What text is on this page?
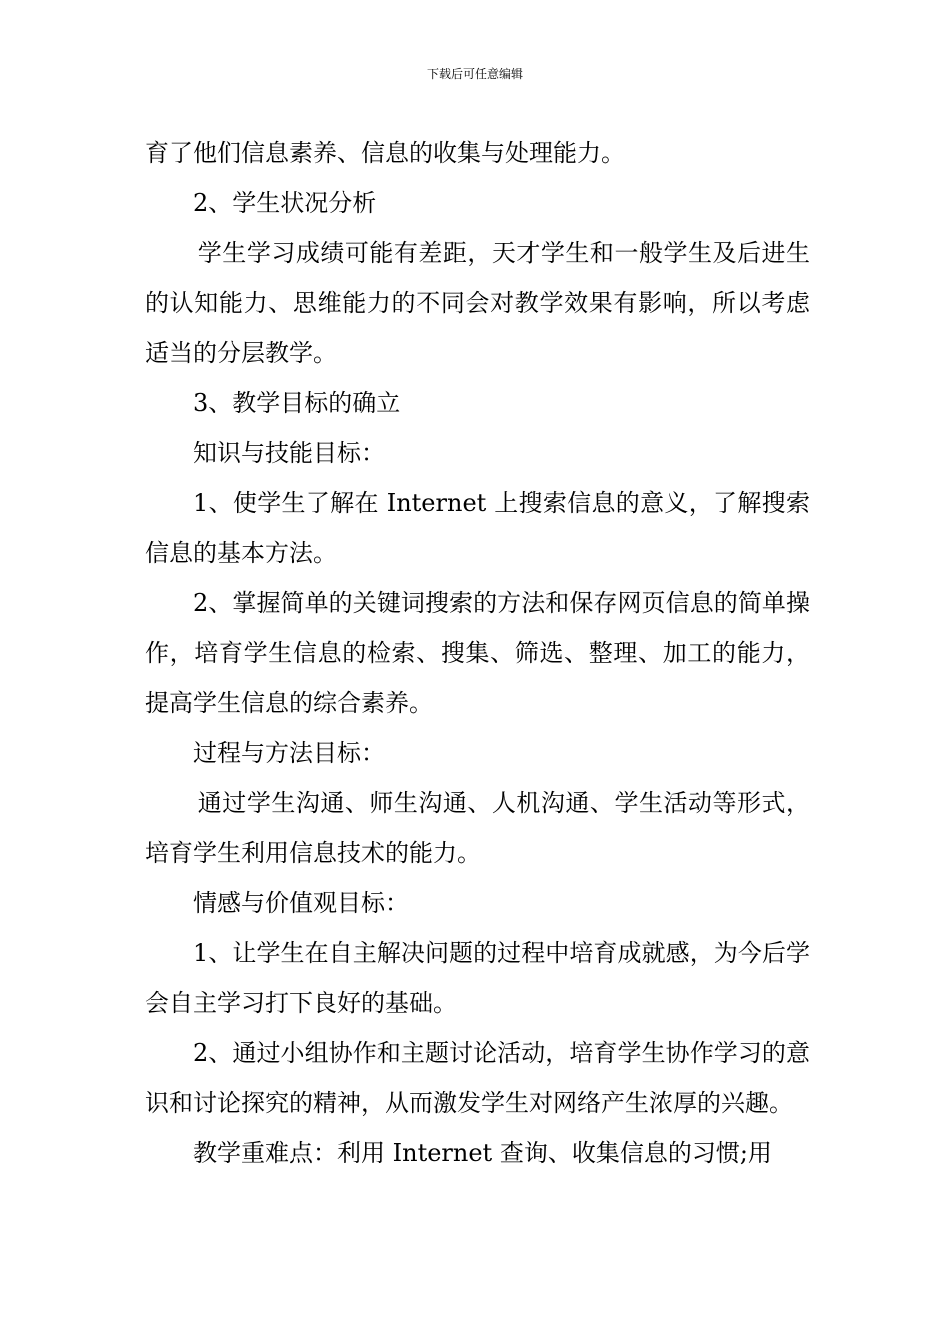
下载后可任意编辑

育了他们信息素养、信息的收集与处理能力。

2、学生状况分析

学生学习成绩可能有差距，天才学生和一般学生及后进生的认知能力、思维能力的不同会对教学效果有影响，所以考虑适当的分层教学。

3、教学目标的确立

知识与技能目标：

1、使学生了解在 Internet 上搜索信息的意义，了解搜索信息的基本方法。

2、掌握简单的关键词搜索的方法和保存网页信息的简单操作，培育学生信息的检索、搜集、筛选、整理、加工的能力，提高学生信息的综合素养。

过程与方法目标：

通过学生沟通、师生沟通、人机沟通、学生活动等形式，培育学生利用信息技术的能力。

情感与价值观目标：

1、让学生在自主解决问题的过程中培育成就感，为今后学会自主学习打下良好的基础。

2、通过小组协作和主题讨论活动，培育学生协作学习的意识和讨论探究的精神，从而激发学生对网络产生浓厚的兴趣。

教学重难点：利用 Internet 查询、收集信息的习惯;用
